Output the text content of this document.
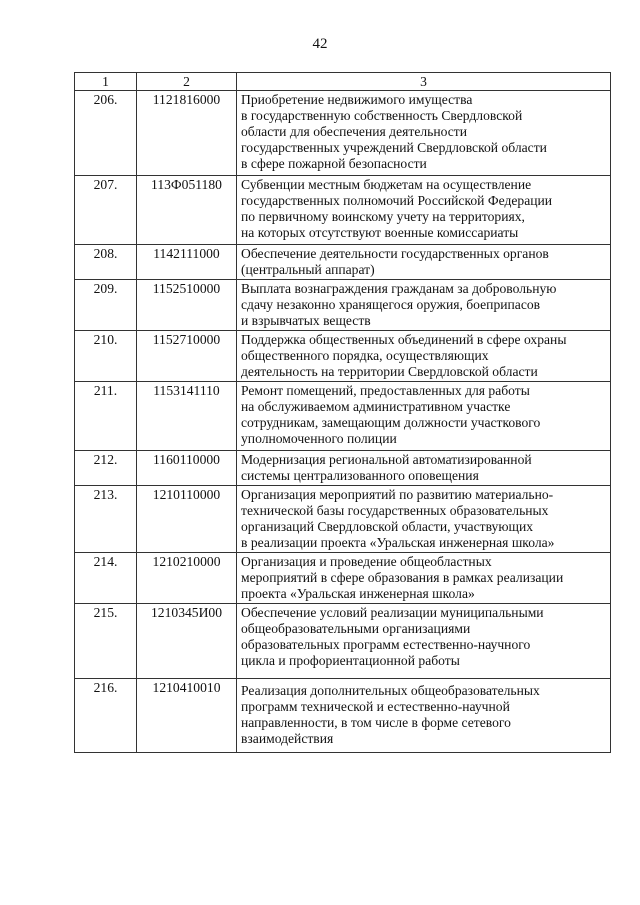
42
1	2	3
206.	1121816000	Приобретение недвижимого имущества
в государственную собственность Свердловской
области для обеспечения деятельности
государственных учреждений Свердловской области
в сфере пожарной безопасности

207.	113Ф051180	Субвенции местным бюджетам на осуществление
государственных полномочий Российской Федерации
по первичному воинскому учету на территориях,
на которых отсутствуют военные комиссариаты

208.	1142111000	Обеспечение деятельности государственных органов
(центральный аппарат)

209.	1152510000	Выплата вознаграждения гражданам за добровольную
сдачу незаконно хранящегося оружия, боеприпасов
и взрывчатых веществ

210.	1152710000	Поддержка общественных объединений в сфере охраны
общественного порядка, осуществляющих
деятельность на территории Свердловской области

211.	1153141110	Ремонт помещений, предоставленных для работы
на обслуживаемом административном участке
сотрудникам, замещающим должности участкового
уполномоченного полиции

212.	1160110000	Модернизация региональной автоматизированной
системы централизованного оповещения

213.	1210110000	Организация мероприятий по развитию материально-
технической базы государственных образовательных
организаций Свердловской области, участвующих
в реализации проекта «Уральская инженерная школа»

214.	1210210000	Организация и проведение общеобластных
мероприятий в сфере образования в рамках реализации
проекта «Уральская инженерная школа»

215.	1210345И00	Обеспечение условий реализации муниципальными
общеобразовательными организациями
образовательных программ естественно-научного
цикла и профориентационной работы

216.	1210410010	Реализация дополнительных общеобразовательных
программ технической и естественно-научной
направленности, в том числе в форме сетевого
взаимодействия
